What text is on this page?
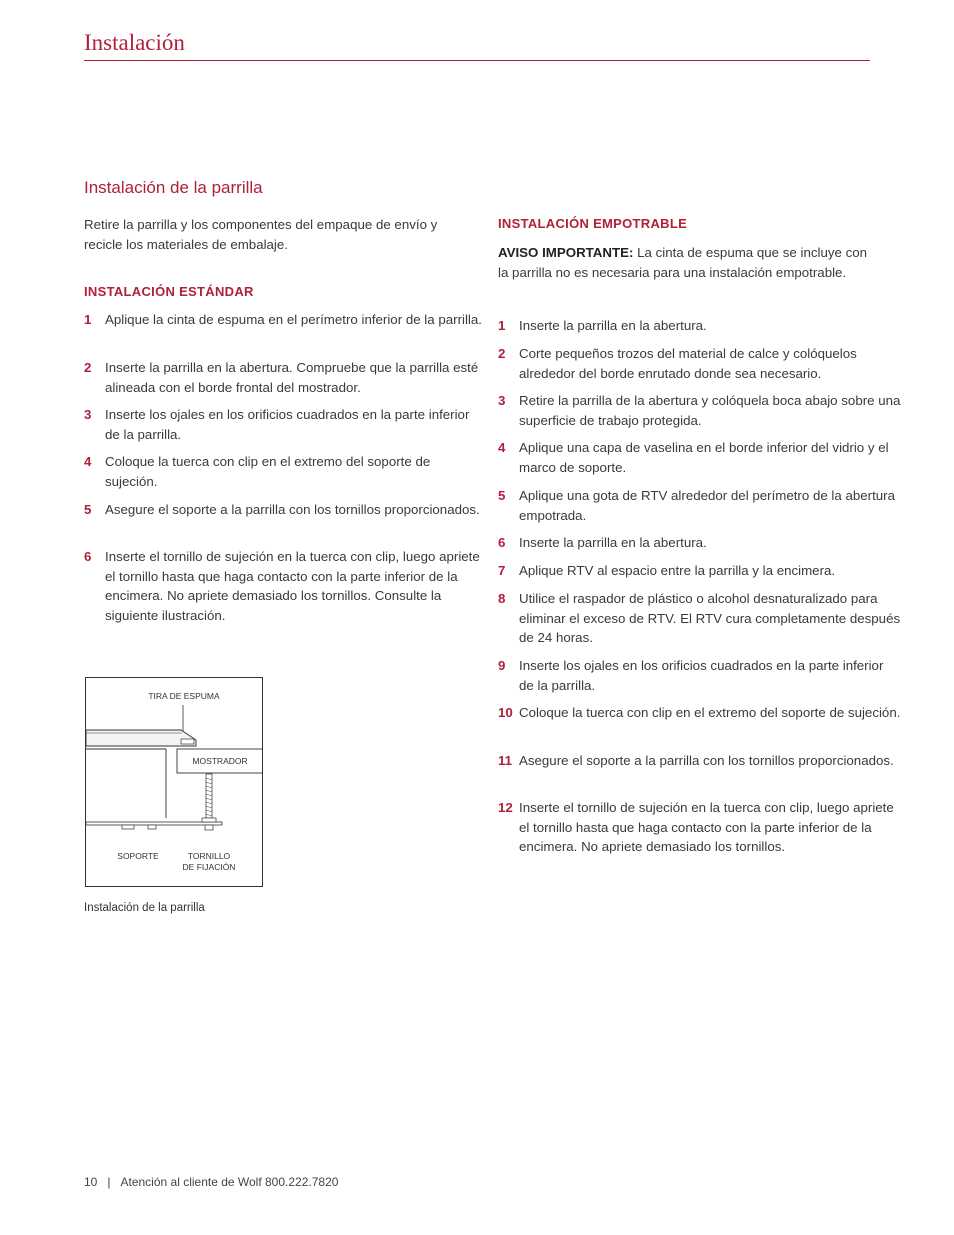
Instalación
Instalación de la parrilla

Retire la parrilla y los componentes del empaque de envío y recicle los materiales de embalaje.

INSTALACIÓN ESTÁNDAR

1 Aplique la cinta de espuma en el perímetro inferior de la parrilla.
2 Inserte la parrilla en la abertura. Compruebe que la parrilla esté alineada con el borde frontal del mostrador.
3 Inserte los ojales en los orificios cuadrados en la parte inferior de la parrilla.
4 Coloque la tuerca con clip en el extremo del soporte de sujeción.
5 Asegure el soporte a la parrilla con los tornillos proporcionados.
6 Inserte el tornillo de sujeción en la tuerca con clip, luego apriete el tornillo hasta que haga contacto con la parte inferior de la encimera. No apriete demasiado los tornillos. Consulte la siguiente ilustración.
TIRA DE ESPUMA
MOSTRADOR
SOPORTE	TORNILLO
DE FIJACIÓN
Instalación de la parrilla

INSTALACIÓN EMPOTRABLE

AVISO IMPORTANTE: La cinta de espuma que se incluye con la parrilla no es necesaria para una instalación empotrable.

1 Inserte la parrilla en la abertura.
2 Corte pequeños trozos del material de calce y colóquelos alrededor del borde enrutado donde sea necesario.
3 Retire la parrilla de la abertura y colóquela boca abajo sobre una superficie de trabajo protegida.
4 Aplique una capa de vaselina en el borde inferior del vidrio y el marco de soporte.
5 Aplique una gota de RTV alrededor del perímetro de la abertura empotrada.
6 Inserte la parrilla en la abertura.
7 Aplique RTV al espacio entre la parrilla y la encimera.
8 Utilice el raspador de plástico o alcohol desnaturalizado para eliminar el exceso de RTV. El RTV cura completamente después de 24 horas.
9 Inserte los ojales en los orificios cuadrados en la parte inferior de la parrilla.
10 Coloque la tuerca con clip en el extremo del soporte de sujeción.
11 Asegure el soporte a la parrilla con los tornillos proporcionados.
12 Inserte el tornillo de sujeción en la tuerca con clip, luego apriete el tornillo hasta que haga contacto con la parte inferior de la encimera. No apriete demasiado los tornillos.
10 | Atención al cliente de Wolf 800.222.7820
